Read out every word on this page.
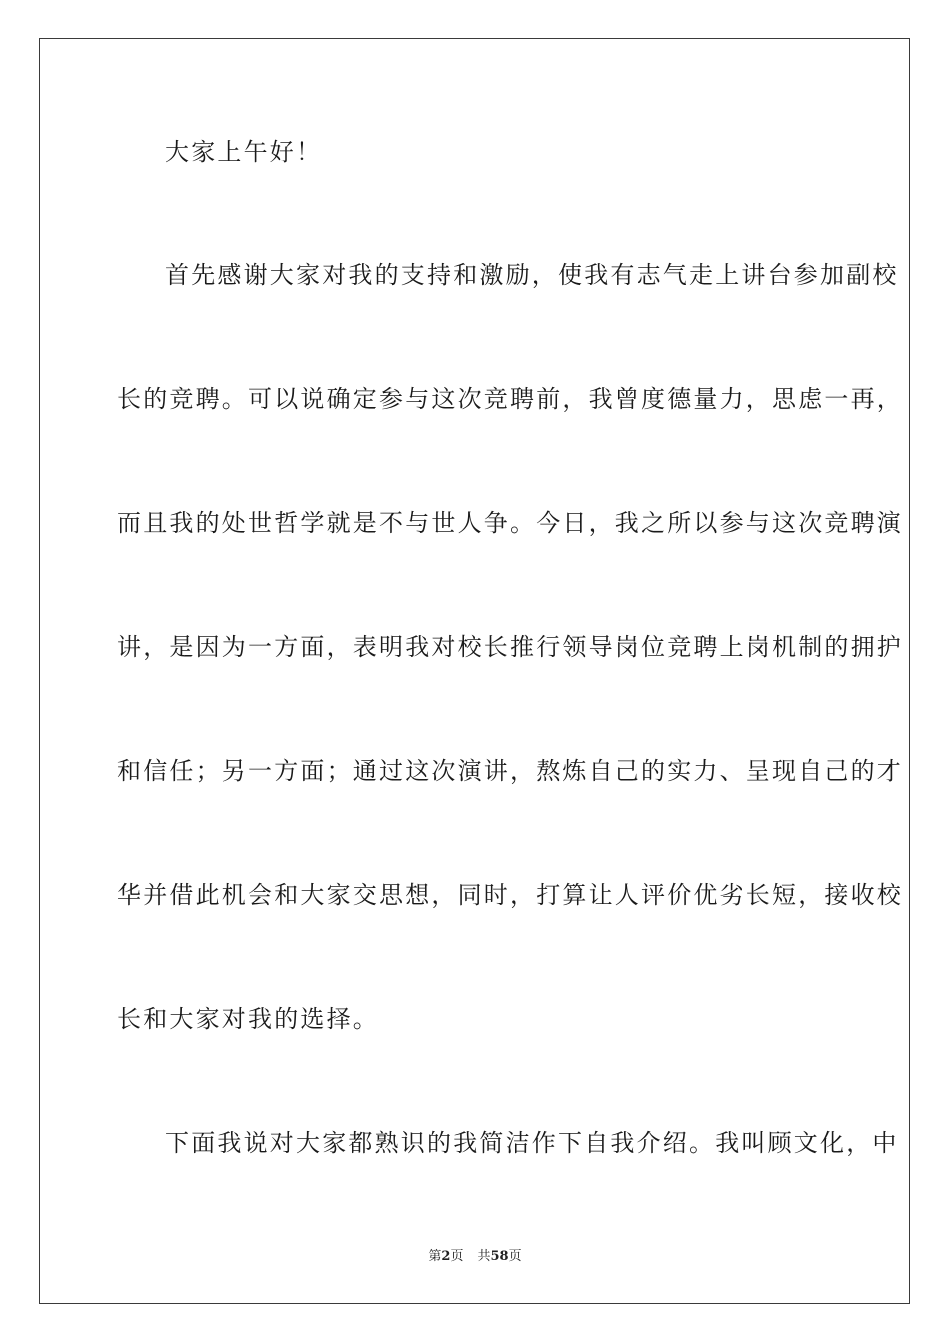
大家上午好！
首先感谢大家对我的支持和激励，使我有志气走上讲台参加副校
长的竞聘。可以说确定参与这次竞聘前，我曾度德量力，思虑一再，
而且我的处世哲学就是不与世人争。今日，我之所以参与这次竞聘演
讲，是因为一方面，表明我对校长推行领导岗位竞聘上岗机制的拥护
和信任；另一方面；通过这次演讲，熬炼自己的实力、呈现自己的才
华并借此机会和大家交思想，同时，打算让人评价优劣长短，接收校
长和大家对我的选择。
下面我说对大家都熟识的我简洁作下自我介绍。我叫顾文化，中
第2页 共58页
